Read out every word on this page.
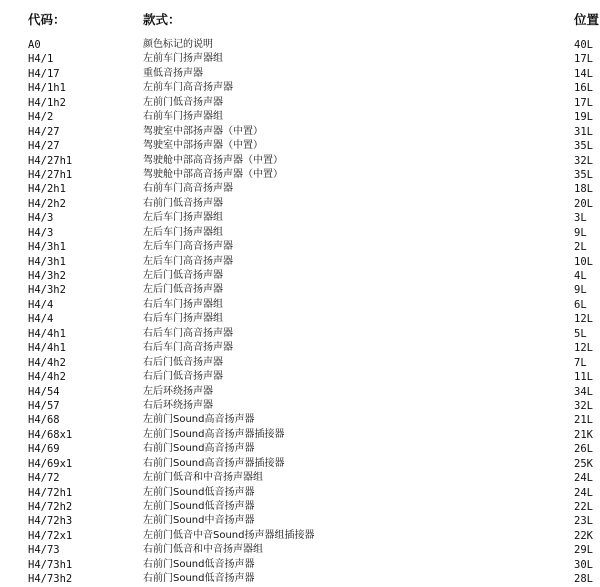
代码：	款式：	位置
A0	颜色标记的说明	40L
H4/1	左前车门扬声器组	17L
H4/17	重低音扬声器	14L
H4/1h1	左前车门高音扬声器	16L
H4/1h2	左前门低音扬声器	17L
H4/2	右前车门扬声器组	19L
H4/27	驾驶室中部扬声器（中置）	31L
H4/27	驾驶室中部扬声器（中置）	35L
H4/27h1	驾驶舱中部高音扬声器（中置）	32L
H4/27h1	驾驶舱中部高音扬声器（中置）	35L
H4/2h1	右前车门高音扬声器	18L
H4/2h2	右前门低音扬声器	20L
H4/3	左后车门扬声器组	3L
H4/3	左后车门扬声器组	9L
H4/3h1	左后车门高音扬声器	2L
H4/3h1	左后车门高音扬声器	10L
H4/3h2	左后门低音扬声器	4L
H4/3h2	左后门低音扬声器	9L
H4/4	右后车门扬声器组	6L
H4/4	右后车门扬声器组	12L
H4/4h1	右后车门高音扬声器	5L
H4/4h1	右后车门高音扬声器	12L
H4/4h2	右后门低音扬声器	7L
H4/4h2	右后门低音扬声器	11L
H4/54	左后环绕扬声器	34L
H4/57	右后环绕扬声器	32L
H4/68	左前门Sound高音扬声器	21L
H4/68x1	左前门Sound高音扬声器插接器	21K
H4/69	右前门Sound高音扬声器	26L
H4/69x1	右前门Sound高音扬声器插接器	25K
H4/72	左前门低音和中音扬声器组	24L
H4/72h1	左前门Sound低音扬声器	24L
H4/72h2	左前门Sound低音扬声器	22L
H4/72h3	左前门Sound中音扬声器	23L
H4/72x1	左前门低音中音Sound扬声器组插接器	22K
H4/73	右前门低音和中音扬声器组	29L
H4/73h1	右前门Sound低音扬声器	30L
H4/73h2	右前门Sound低音扬声器	28L
